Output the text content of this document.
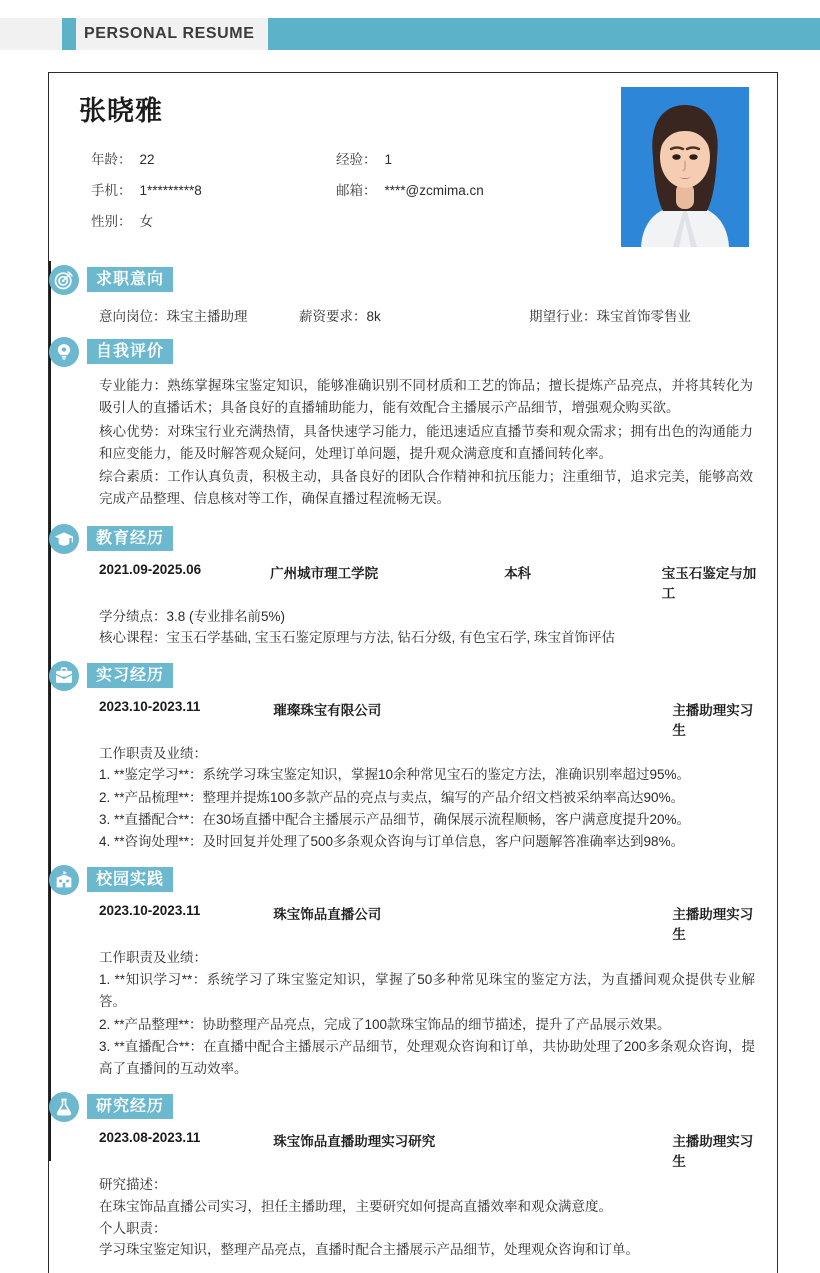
PERSONAL RESUME
张晓雅
年龄： 22	经验： 1
手机： 1*********8	邮箱： ****@zcmima.cn
性别： 女
求职意向
意向岗位：珠宝主播助理	薪资要求：8k	期望行业：珠宝首饰零售业
自我评价

专业能力：熟练掌握珠宝鉴定知识，能够准确识别不同材质和工艺的饰品；擅长提炼产品亮点，并将其转化为吸引人的直播话术；具备良好的直播辅助能力，能有效配合主播展示产品细节，增强观众购买欲。

核心优势：对珠宝行业充满热情，具备快速学习能力，能迅速适应直播节奏和观众需求；拥有出色的沟通能力和应变能力，能及时解答观众疑问，处理订单问题，提升观众满意度和直播间转化率。

综合素质：工作认真负责，积极主动，具备良好的团队合作精神和抗压能力；注重细节，追求完美，能够高效完成产品整理、信息核对等工作，确保直播过程流畅无误。

教育经历
2021.09-2025.06	广州城市理工学院	本科	宝玉石鉴定与加工

学分绩点：3.8 (专业排名前5%)

核心课程：宝玉石学基础, 宝玉石鉴定原理与方法, 钻石分级, 有色宝石学, 珠宝首饰评估

实习经历
2023.10-2023.11	璀璨珠宝有限公司	主播助理实习生

工作职责及业绩：

1. **鉴定学习**：系统学习珠宝鉴定知识，掌握10余种常见宝石的鉴定方法，准确识别率超过95%。

2. **产品梳理**：整理并提炼100多款产品的亮点与卖点，编写的产品介绍文档被采纳率高达90%。

3. **直播配合**：在30场直播中配合主播展示产品细节，确保展示流程顺畅，客户满意度提升20%。

4. **咨询处理**：及时回复并处理了500多条观众咨询与订单信息，客户问题解答准确率达到98%。

校园实践
2023.10-2023.11	珠宝饰品直播公司	主播助理实习生

工作职责及业绩：

1. **知识学习**：系统学习了珠宝鉴定知识，掌握了50多种常见珠宝的鉴定方法，为直播间观众提供专业解答。

2. **产品整理**：协助整理产品亮点，完成了100款珠宝饰品的细节描述，提升了产品展示效果。

3. **直播配合**：在直播中配合主播展示产品细节，处理观众咨询和订单，共协助处理了200多条观众咨询，提高了直播间的互动效率。

研究经历
2023.08-2023.11	珠宝饰品直播助理实习研究	主播助理实习生

研究描述：

在珠宝饰品直播公司实习，担任主播助理，主要研究如何提高直播效率和观众满意度。

个人职责：

学习珠宝鉴定知识，整理产品亮点，直播时配合主播展示产品细节，处理观众咨询和订单。
